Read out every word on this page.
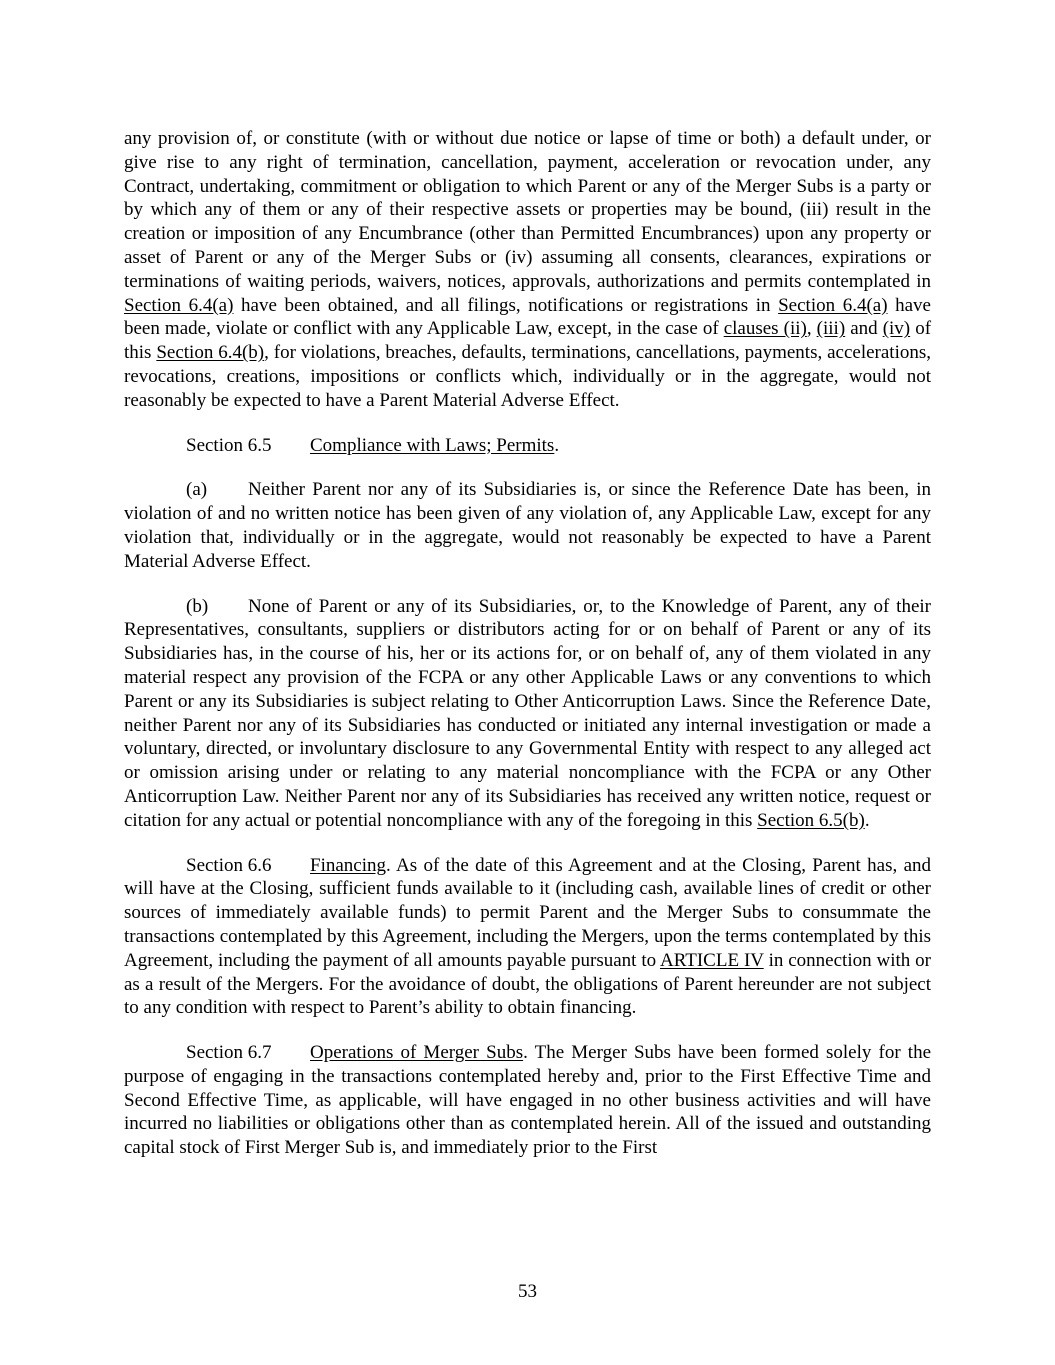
any provision of, or constitute (with or without due notice or lapse of time or both) a default under, or give rise to any right of termination, cancellation, payment, acceleration or revocation under, any Contract, undertaking, commitment or obligation to which Parent or any of the Merger Subs is a party or by which any of them or any of their respective assets or properties may be bound, (iii) result in the creation or imposition of any Encumbrance (other than Permitted Encumbrances) upon any property or asset of Parent or any of the Merger Subs or (iv) assuming all consents, clearances, expirations or terminations of waiting periods, waivers, notices, approvals, authorizations and permits contemplated in Section 6.4(a) have been obtained, and all filings, notifications or registrations in Section 6.4(a) have been made, violate or conflict with any Applicable Law, except, in the case of clauses (ii), (iii) and (iv) of this Section 6.4(b), for violations, breaches, defaults, terminations, cancellations, payments, accelerations, revocations, creations, impositions or conflicts which, individually or in the aggregate, would not reasonably be expected to have a Parent Material Adverse Effect.

Section 6.5 Compliance with Laws; Permits.

(a) Neither Parent nor any of its Subsidiaries is, or since the Reference Date has been, in violation of and no written notice has been given of any violation of, any Applicable Law, except for any violation that, individually or in the aggregate, would not reasonably be expected to have a Parent Material Adverse Effect.

(b) None of Parent or any of its Subsidiaries, or, to the Knowledge of Parent, any of their Representatives, consultants, suppliers or distributors acting for or on behalf of Parent or any of its Subsidiaries has, in the course of his, her or its actions for, or on behalf of, any of them violated in any material respect any provision of the FCPA or any other Applicable Laws or any conventions to which Parent or any its Subsidiaries is subject relating to Other Anticorruption Laws. Since the Reference Date, neither Parent nor any of its Subsidiaries has conducted or initiated any internal investigation or made a voluntary, directed, or involuntary disclosure to any Governmental Entity with respect to any alleged act or omission arising under or relating to any material noncompliance with the FCPA or any Other Anticorruption Law. Neither Parent nor any of its Subsidiaries has received any written notice, request or citation for any actual or potential noncompliance with any of the foregoing in this Section 6.5(b).

Section 6.6 Financing. As of the date of this Agreement and at the Closing, Parent has, and will have at the Closing, sufficient funds available to it (including cash, available lines of credit or other sources of immediately available funds) to permit Parent and the Merger Subs to consummate the transactions contemplated by this Agreement, including the Mergers, upon the terms contemplated by this Agreement, including the payment of all amounts payable pursuant to ARTICLE IV in connection with or as a result of the Mergers. For the avoidance of doubt, the obligations of Parent hereunder are not subject to any condition with respect to Parent’s ability to obtain financing.

Section 6.7 Operations of Merger Subs. The Merger Subs have been formed solely for the purpose of engaging in the transactions contemplated hereby and, prior to the First Effective Time and Second Effective Time, as applicable, will have engaged in no other business activities and will have incurred no liabilities or obligations other than as contemplated herein. All of the issued and outstanding capital stock of First Merger Sub is, and immediately prior to the First

53
